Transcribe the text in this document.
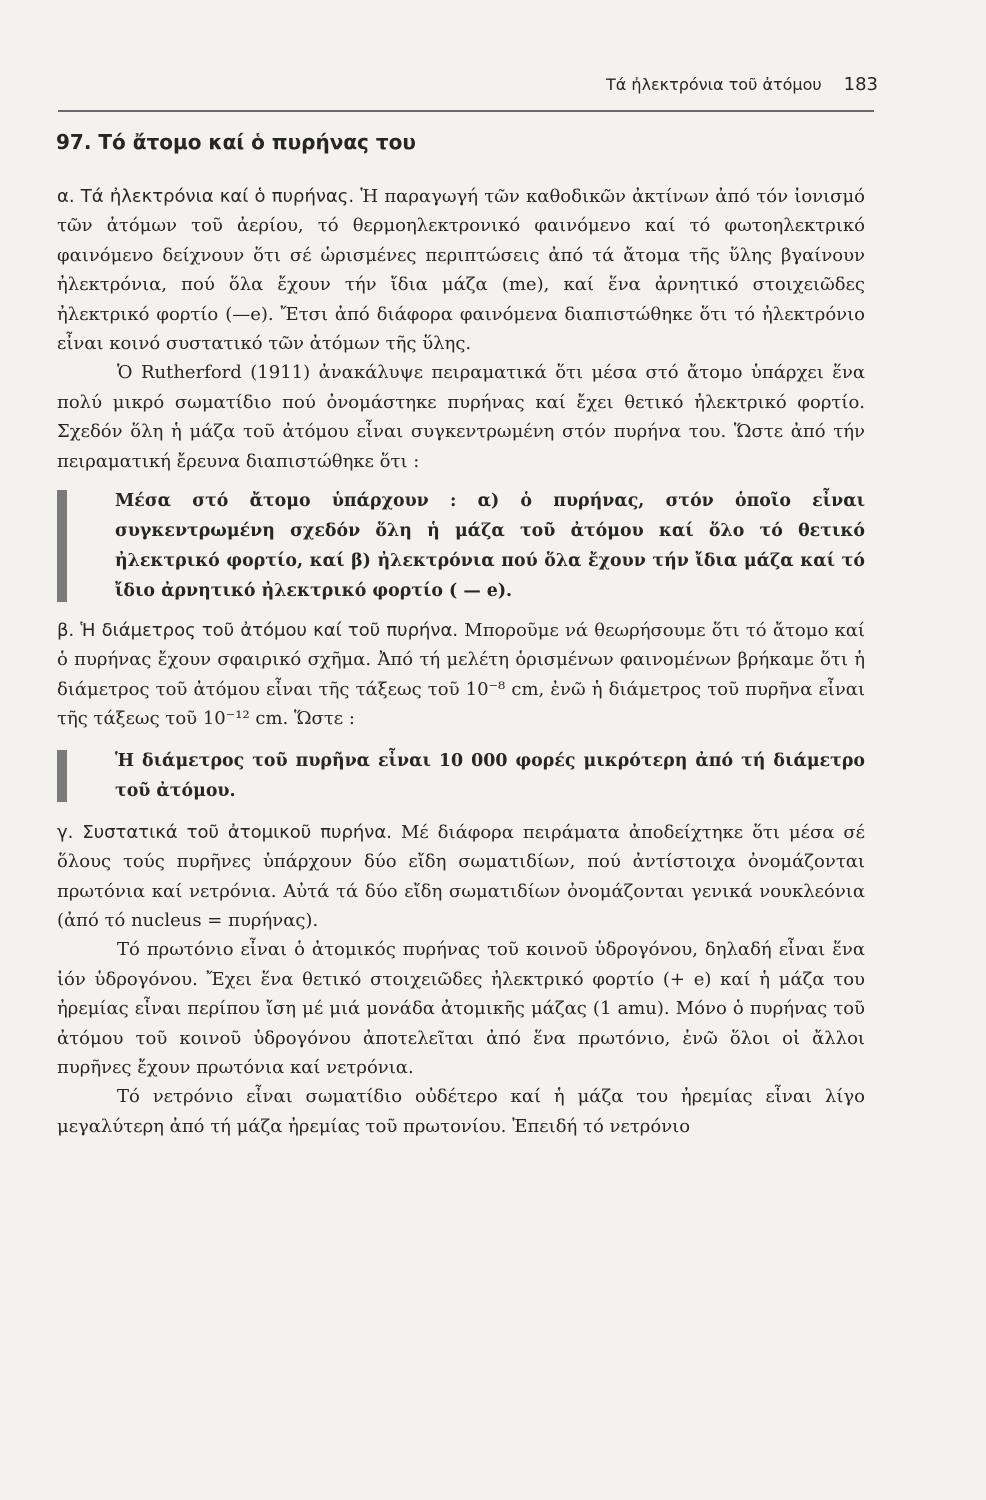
Τά ἠλεκτρόνια τοῦ ἀτόμου 183
97. Τό ἄτομο καί ὁ πυρήνας του

α. Τά ἠλεκτρόνια καί ὁ πυρήνας. Ἡ παραγωγή τῶν καθοδικῶν ἀκτίνων ἀπό τόν ἰονισμό τῶν ἀτόμων τοῦ ἀερίου, τό θερμοηλεκτρονικό φαινόμενο καί τό φωτοηλεκτρικό φαινόμενο δείχνουν ὅτι σέ ὡρισμένες περιπτώσεις ἀπό τά ἄτομα τῆς ὕλης βγαίνουν ἠλεκτρόνια, πού ὅλα ἔχουν τήν ἴδια μάζα (me), καί ἕνα ἀρνητικό στοιχειῶδες ἠλεκτρικό φορτίο (—e). Ἔτσι ἀπό διάφορα φαινόμενα διαπιστώθηκε ὅτι τό ἠλεκτρόνιο εἶναι κοινό συστατικό τῶν ἀτόμων τῆς ὕλης.

Ὁ Rutherford (1911) ἀνακάλυψε πειραματικά ὅτι μέσα στό ἄτομο ὑπάρχει ἕνα πολύ μικρό σωματίδιο πού ὀνομάστηκε πυρήνας καί ἔχει θετικό ἠλεκτρικό φορτίο. Σχεδόν ὅλη ἡ μάζα τοῦ ἀτόμου εἶναι συγκεντρωμένη στόν πυρήνα του. Ὥστε ἀπό τήν πειραματική ἔρευνα διαπιστώθηκε ὅτι :

Μέσα στό ἄτομο ὑπάρχουν : α) ὁ πυρήνας, στόν ὁποῖο εἶναι συγκεντρωμένη σχεδόν ὅλη ἡ μάζα τοῦ ἀτόμου καί ὅλο τό θετικό ἠλεκτρικό φορτίο, καί β) ἠλεκτρόνια πού ὅλα ἔχουν τήν ἴδια μάζα καί τό ἴδιο ἀρνητικό ἠλεκτρικό φορτίο ( — e).

β. Ἡ διάμετρος τοῦ ἀτόμου καί τοῦ πυρήνα. Μποροῦμε νά θεωρήσουμε ὅτι τό ἄτομο καί ὁ πυρήνας ἔχουν σφαιρικό σχῆμα. Ἀπό τή μελέτη ὁρισμένων φαινομένων βρήκαμε ὅτι ἡ διάμετρος τοῦ ἀτόμου εἶναι τῆς τάξεως τοῦ 10⁻⁸ cm, ἐνῶ ἡ διάμετρος τοῦ πυρῆνα εἶναι τῆς τάξεως τοῦ 10⁻¹² cm. Ὥστε :

Ἡ διάμετρος τοῦ πυρῆνα εἶναι 10 000 φορές μικρότερη ἀπό τή διάμετρο τοῦ ἀτόμου.

γ. Συστατικά τοῦ ἀτομικοῦ πυρήνα. Μέ διάφορα πειράματα ἀποδείχτηκε ὅτι μέσα σέ ὅλους τούς πυρῆνες ὑπάρχουν δύο εἴδη σωματιδίων, πού ἀντίστοιχα ὀνομάζονται πρωτόνια καί νετρόνια. Αὐτά τά δύο εἴδη σωματιδίων ὀνομάζονται γενικά νουκλεόνια (ἀπό τό nucleus = πυρήνας).

Τό πρωτόνιο εἶναι ὁ ἀτομικός πυρήνας τοῦ κοινοῦ ὑδρογόνου, δηλαδή εἶναι ἕνα ἰόν ὑδρογόνου. Ἔχει ἕνα θετικό στοιχειῶδες ἠλεκτρικό φορτίο (+ e) καί ἡ μάζα του ἠρεμίας εἶναι περίπου ἴση μέ μιά μονάδα ἀτομικῆς μάζας (1 amu). Μόνο ὁ πυρήνας τοῦ ἀτόμου τοῦ κοινοῦ ὑδρογόνου ἀποτελεῖται ἀπό ἕνα πρωτόνιο, ἐνῶ ὅλοι οἱ ἄλλοι πυρῆνες ἔχουν πρωτόνια καί νετρόνια.

Τό νετρόνιο εἶναι σωματίδιο οὐδέτερο καί ἡ μάζα του ἠρεμίας εἶναι λίγο μεγαλύτερη ἀπό τή μάζα ἠρεμίας τοῦ πρωτονίου. Ἐπειδή τό νετρόνιο
